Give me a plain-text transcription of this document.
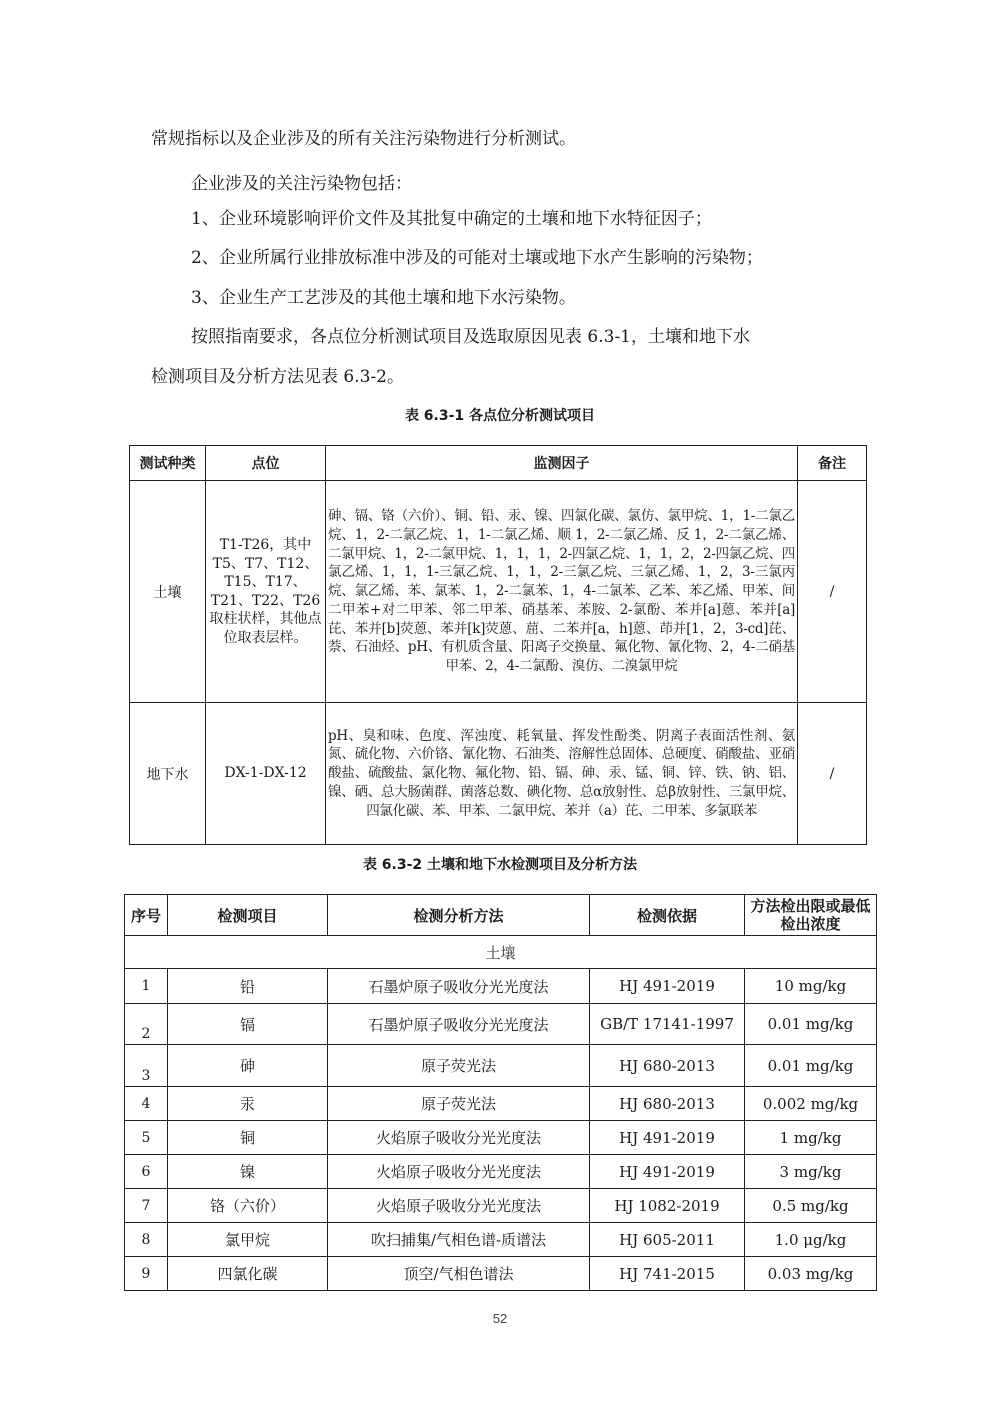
常规指标以及企业涉及的所有关注污染物进行分析测试。
企业涉及的关注污染物包括：
1、企业环境影响评价文件及其批复中确定的土壤和地下水特征因子；
2、企业所属行业排放标准中涉及的可能对土壤或地下水产生影响的污染物；
3、企业生产工艺涉及的其他土壤和地下水污染物。
按照指南要求，各点位分析测试项目及选取原因见表 6.3-1，土壤和地下水
检测项目及分析方法见表 6.3-2。
表 6.3-1 各点位分析测试项目
测试种类	点位	监测因子	备注
土壤	T1-T26，其中T5、T7、T12、T15、T17、T21、T22、T26 取柱状样，其他点位取表层样。	砷、镉、铬（六价）、铜、铅、汞、镍、四氯化碳、氯仿、氯甲烷、1，1-二氯乙烷、1，2-二氯乙烷、1，1-二氯乙烯、顺 1，2-二氯乙烯、反 1，2-二氯乙烯、二氯甲烷、1，2-二氯甲烷、1，1，1，2-四氯乙烷、1，1，2，2-四氯乙烷、四氯乙烯、1，1，1-三氯乙烷、1，1，2-三氯乙烷、三氯乙烯、1，2，3-三氯丙烷、氯乙烯、苯、氯苯、1，2-二氯苯、1，4-二氯苯、乙苯、苯乙烯、甲苯、间二甲苯+对二甲苯、邻二甲苯、硝基苯、苯胺、2-氯酚、苯并[a]蒽、苯并[a]芘、苯并[b]荧蒽、苯并[k]荧蒽、䓛、二苯并[a，h]蒽、茚并[1，2，3-cd]芘、萘、石油烃、pH、有机质含量、阳离子交换量、氟化物、氰化物、2，4-二硝基甲苯、2，4-二氯酚、溴仿、二溴氯甲烷	/
地下水	DX-1-DX-12	pH、臭和味、色度、浑浊度、耗氧量、挥发性酚类、阴离子表面活性剂、氨氮、硫化物、六价铬、氰化物、石油类、溶解性总固体、总硬度、硝酸盐、亚硝酸盐、硫酸盐、氯化物、氟化物、铅、镉、砷、汞、锰、铜、锌、铁、钠、铝、镍、硒、总大肠菌群、菌落总数、碘化物、总α放射性、总β放射性、三氯甲烷、四氯化碳、苯、甲苯、二氯甲烷、苯并（a）芘、二甲苯、多氯联苯	/
表 6.3-2 土壤和地下水检测项目及分析方法
序号	检测项目	检测分析方法	检测依据	方法检出限或最低检出浓度
土壤				
1	铅	石墨炉原子吸收分光光度法	HJ 491-2019	10 mg/kg
2	镉	石墨炉原子吸收分光光度法	GB/T 17141-1997	0.01 mg/kg
3	砷	原子荧光法	HJ 680-2013	0.01 mg/kg
4	汞	原子荧光法	HJ 680-2013	0.002 mg/kg
5	铜	火焰原子吸收分光光度法	HJ 491-2019	1 mg/kg
6	镍	火焰原子吸收分光光度法	HJ 491-2019	3 mg/kg
7	铬（六价）	火焰原子吸收分光光度法	HJ 1082-2019	0.5 mg/kg
8	氯甲烷	吹扫捕集/气相色谱-质谱法	HJ 605-2011	1.0 μg/kg
9	四氯化碳	顶空/气相色谱法	HJ 741-2015	0.03 mg/kg
52
